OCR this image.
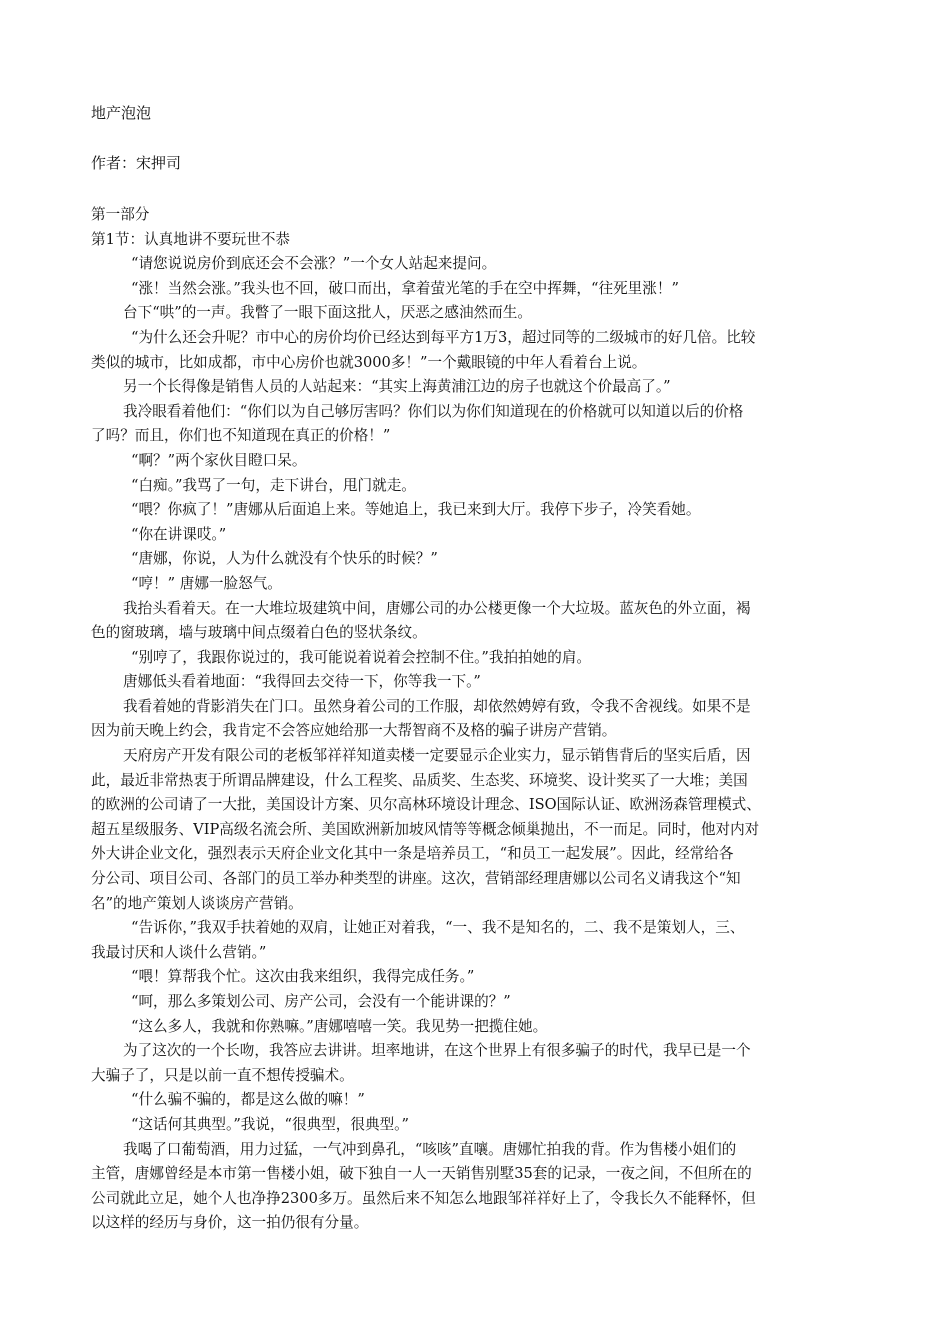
地产泡泡
作者：宋押司

第一部分

第1节：认真地讲不要玩世不恭

“请您说说房价到底还会不会涨？”一个女人站起来提问。

“涨！当然会涨。”我头也不回，破口而出，拿着萤光笔的手在空中挥舞，“往死里涨！”

台下“哄”的一声。我瞥了一眼下面这批人，厌恶之感油然而生。

“为什么还会升呢？市中心的房价均价已经达到每平方1万3，超过同等的二级城市的好几倍。比较

类似的城市，比如成都，市中心房价也就3000多！”一个戴眼镜的中年人看着台上说。

另一个长得像是销售人员的人站起来：“其实上海黄浦江边的房子也就这个价最高了。”

我冷眼看着他们：“你们以为自己够厉害吗？你们以为你们知道现在的价格就可以知道以后的价格

了吗？而且，你们也不知道现在真正的价格！”

“啊？”两个家伙目瞪口呆。

“白痴。”我骂了一句，走下讲台，甩门就走。

“喂？你疯了！”唐娜从后面追上来。等她追上，我已来到大厅。我停下步子，冷笑看她。

“你在讲课哎。”

“唐娜，你说，人为什么就没有个快乐的时候？”

“哼！” 唐娜一脸怒气。

我抬头看着天。在一大堆垃圾建筑中间，唐娜公司的办公楼更像一个大垃圾。蓝灰色的外立面，褐

色的窗玻璃，墙与玻璃中间点缀着白色的竖状条纹。

“别哼了，我跟你说过的，我可能说着说着会控制不住。”我拍拍她的肩。

唐娜低头看着地面：“我得回去交待一下，你等我一下。”

我看着她的背影消失在门口。虽然身着公司的工作服，却依然娉婷有致，令我不舍视线。如果不是

因为前天晚上约会，我肯定不会答应她给那一大帮智商不及格的骗子讲房产营销。

天府房产开发有限公司的老板邹祥祥知道卖楼一定要显示企业实力，显示销售背后的坚实后盾，因

此，最近非常热衷于所谓品牌建设，什么工程奖、品质奖、生态奖、环境奖、设计奖买了一大堆；美国

的欧洲的公司请了一大批，美国设计方案、贝尔高林环境设计理念、ISO国际认证、欧洲汤森管理模式、

超五星级服务、VIP高级名流会所、美国欧洲新加坡风情等等概念倾巢抛出，不一而足。同时，他对内对

外大讲企业文化，强烈表示天府企业文化其中一条是培养员工，“和员工一起发展”。因此，经常给各

分公司、项目公司、各部门的员工举办种类型的讲座。这次，营销部经理唐娜以公司名义请我这个“知

名”的地产策划人谈谈房产营销。

“告诉你，”我双手扶着她的双肩，让她正对着我，“一、我不是知名的，二、我不是策划人，三、

我最讨厌和人谈什么营销。”

“喂！算帮我个忙。这次由我来组织，我得完成任务。”

“呵，那么多策划公司、房产公司，会没有一个能讲课的？”

“这么多人，我就和你熟嘛。”唐娜嘻嘻一笑。我见势一把揽住她。

为了这次的一个长吻，我答应去讲讲。坦率地讲，在这个世界上有很多骗子的时代，我早已是一个

大骗子了，只是以前一直不想传授骗术。

“什么骗不骗的，都是这么做的嘛！”

“这话何其典型。”我说，“很典型，很典型。”

我喝了口葡萄酒，用力过猛，一气冲到鼻孔，“咳咳”直嚷。唐娜忙拍我的背。作为售楼小姐们的

主管，唐娜曾经是本市第一售楼小姐，破下独自一人一天销售别墅35套的记录，一夜之间，不但所在的

公司就此立足，她个人也净挣2300多万。虽然后来不知怎么地跟邹祥祥好上了，令我长久不能释怀，但

以这样的经历与身价，这一拍仍很有分量。
